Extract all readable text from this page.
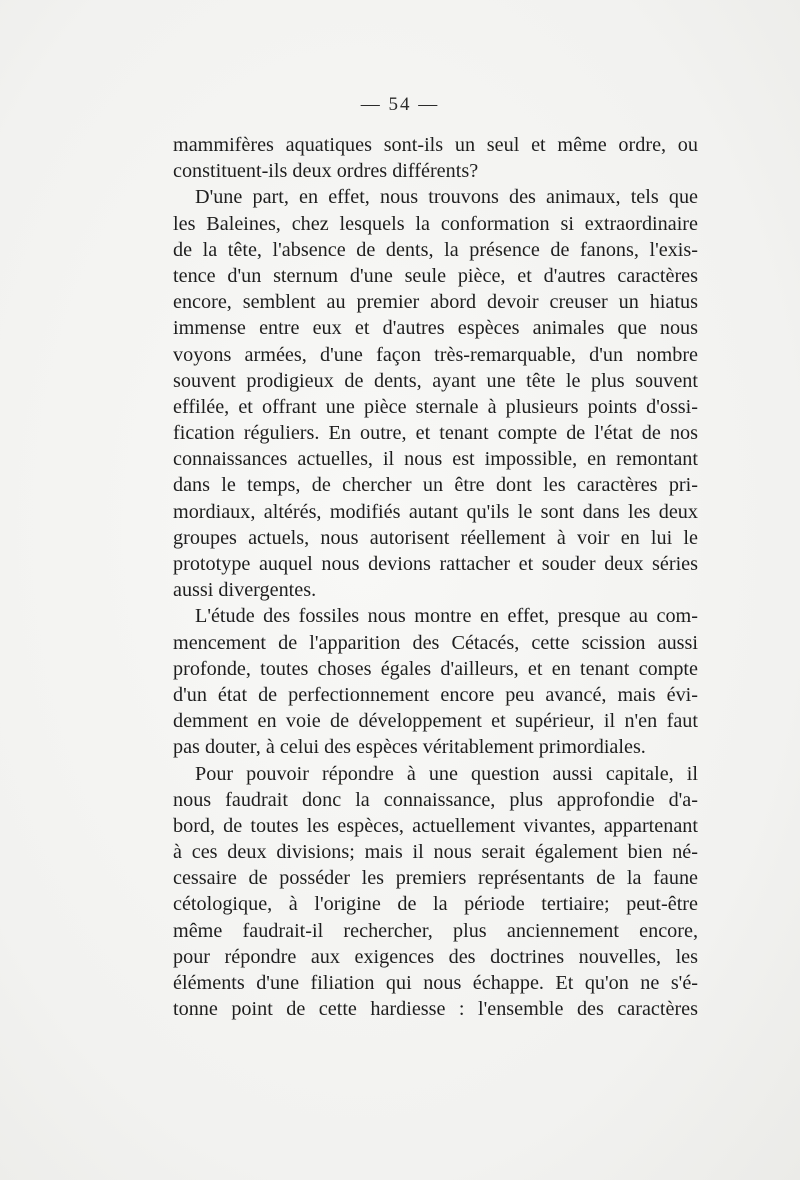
— 54 —
mammifères aquatiques sont-ils un seul et même ordre, ou
constituent-ils deux ordres différents?
D'une part, en effet, nous trouvons des animaux, tels que
les Baleines, chez lesquels la conformation si extraordinaire
de la tête, l'absence de dents, la présence de fanons, l'exis-
tence d'un sternum d'une seule pièce, et d'autres caractères
encore, semblent au premier abord devoir creuser un hiatus
immense entre eux et d'autres espèces animales que nous
voyons armées, d'une façon très-remarquable, d'un nombre
souvent prodigieux de dents, ayant une tête le plus souvent
effilée, et offrant une pièce sternale à plusieurs points d'ossi-
fication réguliers. En outre, et tenant compte de l'état de nos
connaissances actuelles, il nous est impossible, en remontant
dans le temps, de chercher un être dont les caractères pri-
mordiaux, altérés, modifiés autant qu'ils le sont dans les deux
groupes actuels, nous autorisent réellement à voir en lui le
prototype auquel nous devions rattacher et souder deux séries
aussi divergentes.
L'étude des fossiles nous montre en effet, presque au com-
mencement de l'apparition des Cétacés, cette scission aussi
profonde, toutes choses égales d'ailleurs, et en tenant compte
d'un état de perfectionnement encore peu avancé, mais évi-
demment en voie de développement et supérieur, il n'en faut
pas douter, à celui des espèces véritablement primordiales.
Pour pouvoir répondre à une question aussi capitale, il
nous faudrait donc la connaissance, plus approfondie d'a-
bord, de toutes les espèces, actuellement vivantes, appartenant
à ces deux divisions; mais il nous serait également bien né-
cessaire de posséder les premiers représentants de la faune
cétologique, à l'origine de la période tertiaire; peut-être
même faudrait-il rechercher, plus anciennement encore,
pour répondre aux exigences des doctrines nouvelles, les
éléments d'une filiation qui nous échappe. Et qu'on ne s'é-
tonne point de cette hardiesse : l'ensemble des caractères
